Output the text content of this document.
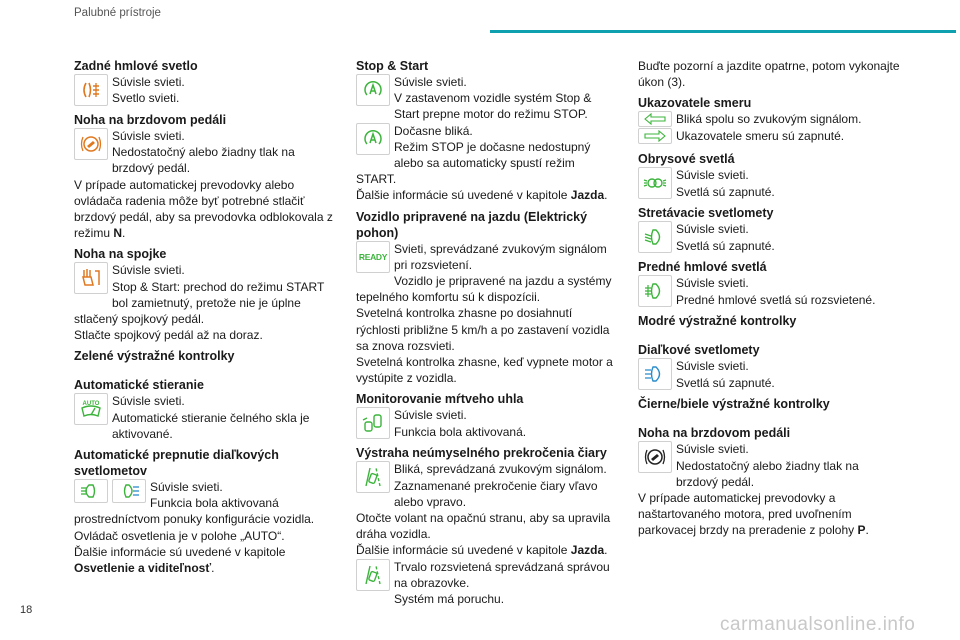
Palubné prístroje
Zadné hmlové svetlo

Súvisle svieti.

Svetlo svieti.

Noha na brzdovom pedáli

Súvisle svieti.

Nedostatočný alebo žiadny tlak na brzdový pedál.

V prípade automatickej prevodovky alebo ovládača radenia môže byť potrebné stlačiť brzdový pedál, aby sa prevodovka odblokovala z režimu N.

Noha na spojke

Súvisle svieti.

Stop & Start: prechod do režimu START bol zamietnutý, pretože nie je úplne stlačený spojkový pedál.

Stlačte spojkový pedál až na doraz.

Zelené výstražné kontrolky
Automatické stieranie
AUTO	Súvisle svieti.

Automatické stieranie čelného skla je aktivované.

Automatické prepnutie diaľkových svetlometov

Súvisle svieti.

Funkcia bola aktivovaná prostredníctvom ponuky konfigurácie vozidla.

Ovládač osvetlenia je v polohe „AUTO“.

Ďalšie informácie sú uvedené v kapitole Osvetlenie a viditeľnosť.

Stop & Start

Súvisle svieti.

V zastavenom vozidle systém Stop & Start prepne motor do režimu STOP.

Dočasne bliká.

Režim STOP je dočasne nedostupný alebo sa automaticky spustí režim START.

Ďalšie informácie sú uvedené v kapitole Jazda.

Vozidlo pripravené na jazdu (Elektrický pohon)
READY

Svieti, sprevádzané zvukovým signálom pri rozsvietení.

Vozidlo je pripravené na jazdu a systémy tepelného komfortu sú k dispozícii.

Svetelná kontrolka zhasne po dosiahnutí rýchlosti približne 5 km/h a po zastavení vozidla sa znova rozsvieti.

Svetelná kontrolka zhasne, keď vypnete motor a vystúpite z vozidla.

Monitorovanie mŕtveho uhla

Súvisle svieti.

Funkcia bola aktivovaná.

Výstraha neúmyselného prekročenia čiary

Bliká, sprevádzaná zvukovým signálom.

Zaznamenané prekročenie čiary vľavo alebo vpravo.

Otočte volant na opačnú stranu, aby sa upravila dráha vozidla.

Ďalšie informácie sú uvedené v kapitole Jazda.

Trvalo rozsvietená sprevádzaná správou na obrazovke.

Systém má poruchu.

Buďte pozorní a jazdite opatrne, potom vykonajte úkon (3).

Ukazovatele smeru

Bliká spolu so zvukovým signálom.

Ukazovatele smeru sú zapnuté.

Obrysové svetlá

Súvisle svieti.

Svetlá sú zapnuté.

Stretávacie svetlomety

Súvisle svieti.

Svetlá sú zapnuté.

Predné hmlové svetlá

Súvisle svieti.

Predné hmlové svetlá sú rozsvietené.

Modré výstražné kontrolky
Diaľkové svetlomety

Súvisle svieti.

Svetlá sú zapnuté.

Čierne/biele výstražné kontrolky
Noha na brzdovom pedáli

Súvisle svieti.

Nedostatočný alebo žiadny tlak na brzdový pedál.

V prípade automatickej prevodovky a naštartovaného motora, pred uvoľnením parkovacej brzdy na preradenie z polohy P.

18
carmanualsonline.info
